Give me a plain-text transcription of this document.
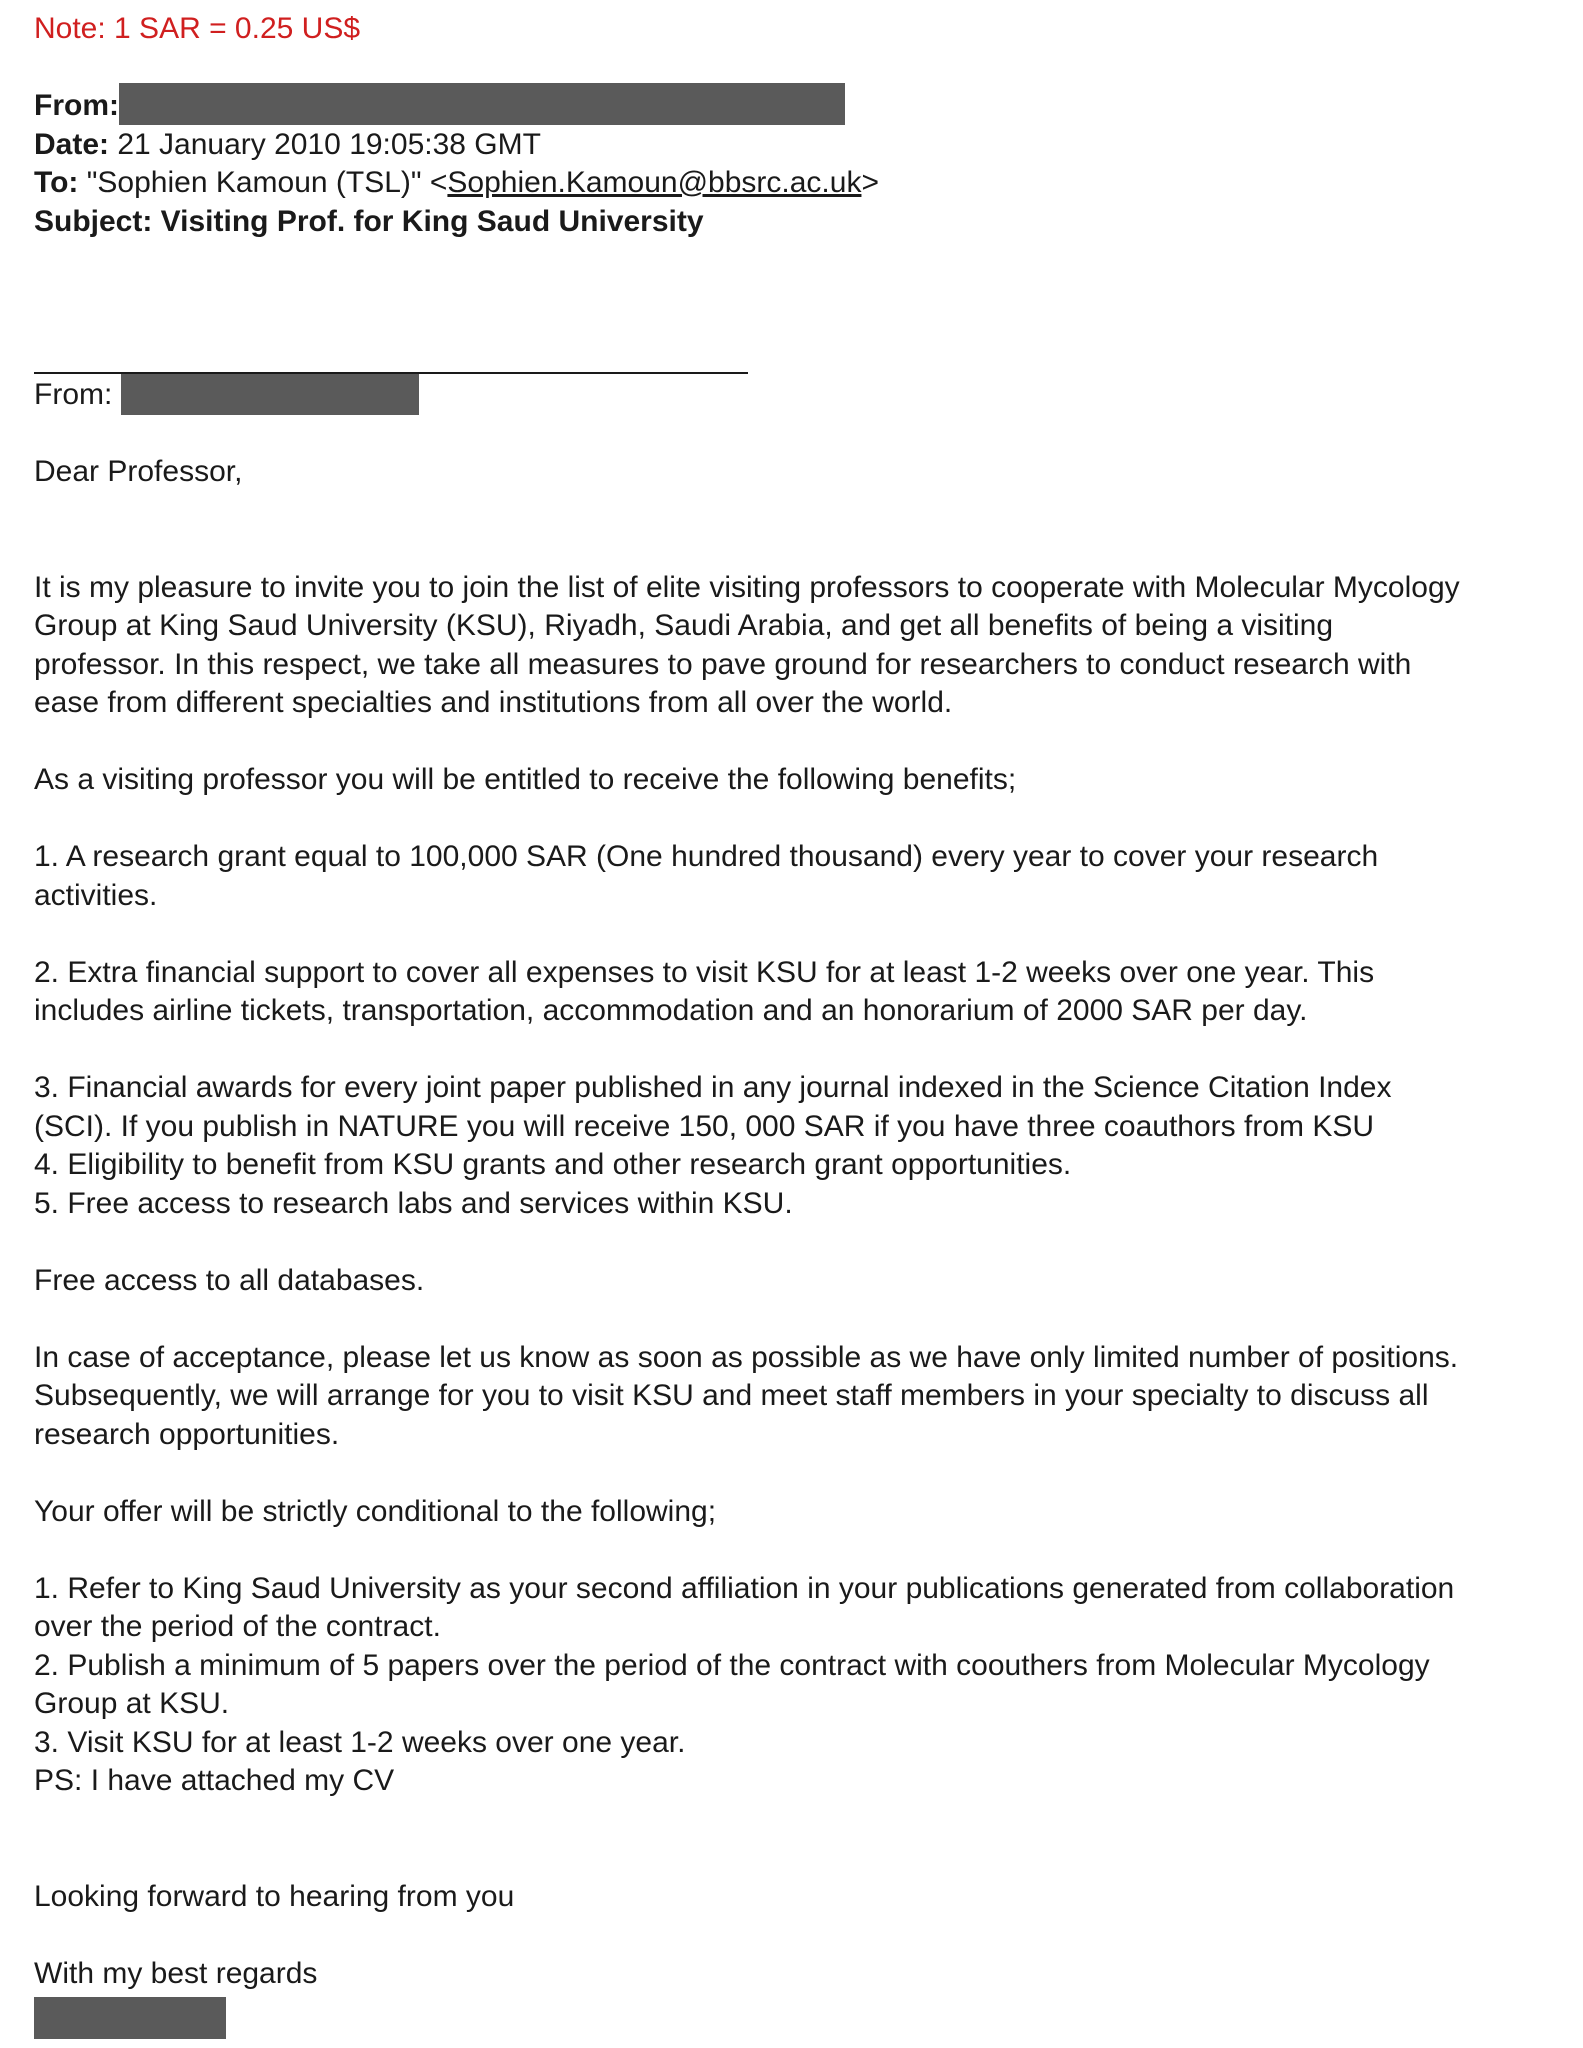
Note: 1 SAR = 0.25 US$
From:
Date: 21 January 2010 19:05:38 GMT
To: "Sophien Kamoun (TSL)" <Sophien.Kamoun@bbsrc.ac.uk>
Subject: Visiting Prof. for King Saud University
From:
Dear Professor,
It is my pleasure to invite you to join the list of elite visiting professors to cooperate with Molecular Mycology
Group at King Saud University (KSU), Riyadh, Saudi Arabia, and get all benefits of being a visiting
professor. In this respect, we take all measures to pave ground for researchers to conduct research with
ease from different specialties and institutions from all over the world.
As a visiting professor you will be entitled to receive the following benefits;
1. A research grant equal to 100,000 SAR (One hundred thousand) every year to cover your research
activities.
2. Extra financial support to cover all expenses to visit KSU for at least 1-2 weeks over one year. This
includes airline tickets, transportation, accommodation and an honorarium of 2000 SAR per day.
3. Financial awards for every joint paper published in any journal indexed in the Science Citation Index
(SCI). If you publish in NATURE you will receive 150, 000 SAR if you have three coauthors from KSU
4. Eligibility to benefit from KSU grants and other research grant opportunities.
5. Free access to research labs and services within KSU.
Free access to all databases.
In case of acceptance, please let us know as soon as possible as we have only limited number of positions.
Subsequently, we will arrange for you to visit KSU and meet staff members in your specialty to discuss all
research opportunities.
Your offer will be strictly conditional to the following;
1. Refer to King Saud University as your second affiliation in your publications generated from collaboration
over the period of the contract.
2. Publish a minimum of 5 papers over the period of the contract with coouthers from Molecular Mycology
Group at KSU.
3. Visit KSU for at least 1-2 weeks over one year.
PS: I have attached my CV
Looking forward to hearing from you
With my best regards
